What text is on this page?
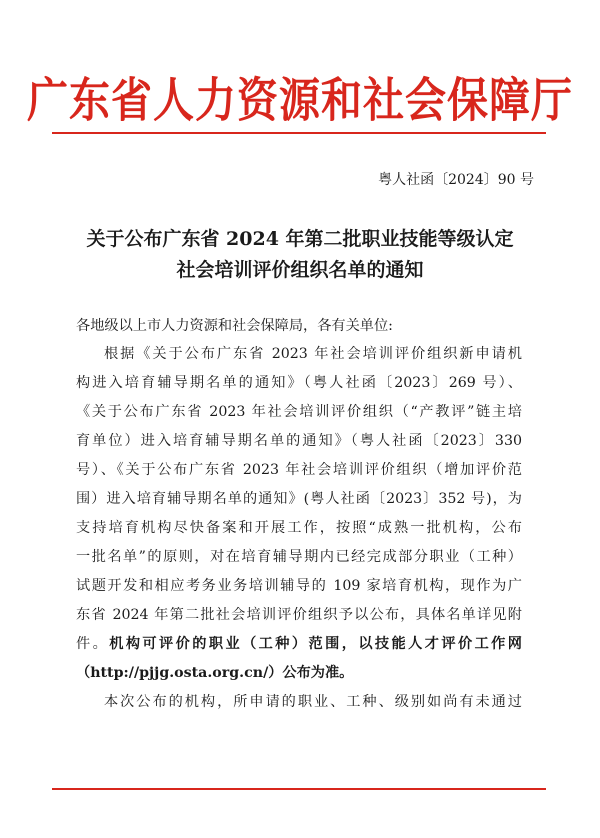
广东省人力资源和社会保障厅
粤人社函〔2024〕90 号
关于公布广东省 2024 年第二批职业技能等级认定
社会培训评价组织名单的通知
各地级以上市人力资源和社会保障局，各有关单位:
根据《关于公布广东省 2023 年社会培训评价组织新申请机
构进入培育辅导期名单的通知》（粤人社函〔2023〕269 号）、
《关于公布广东省 2023 年社会培训评价组织（“产教评”链主培
育单位）进入培育辅导期名单的通知》（粤人社函〔2023〕330
号）、《关于公布广东省 2023 年社会培训评价组织（增加评价范
围）进入培育辅导期名单的通知》(粤人社函〔2023〕352 号)，为
支持培育机构尽快备案和开展工作，按照“成熟一批机构，公布
一批名单”的原则，对在培育辅导期内已经完成部分职业（工种）
试题开发和相应考务业务培训辅导的 109 家培育机构，现作为广
东省 2024 年第二批社会培训评价组织予以公布，具体名单详见附
件。机构可评价的职业（工种）范围，以技能人才评价工作网
（http://pjjg.osta.org.cn/）公布为准。
本次公布的机构，所申请的职业、工种、级别如尚有未通过
